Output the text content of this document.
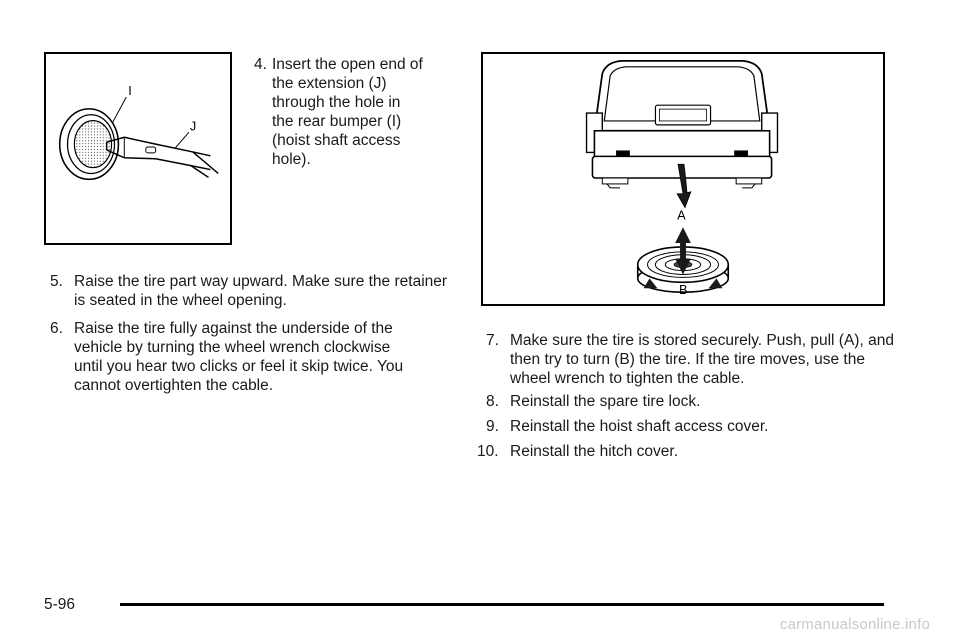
I
J
A
B
4. Insert the open end of the extension (J) through the hole in the rear bumper (I) (hoist shaft access hole).
5. Raise the tire part way upward. Make sure the retainer is seated in the wheel opening.
6. Raise the tire fully against the underside of the vehicle by turning the wheel wrench clockwise until you hear two clicks or feel it skip twice. You cannot overtighten the cable.
7. Make sure the tire is stored securely. Push, pull (A), and then try to turn (B) the tire. If the tire moves, use the wheel wrench to tighten the cable.
8. Reinstall the spare tire lock.
9. Reinstall the hoist shaft access cover.
10. Reinstall the hitch cover.
5-96
carmanualsonline.info
